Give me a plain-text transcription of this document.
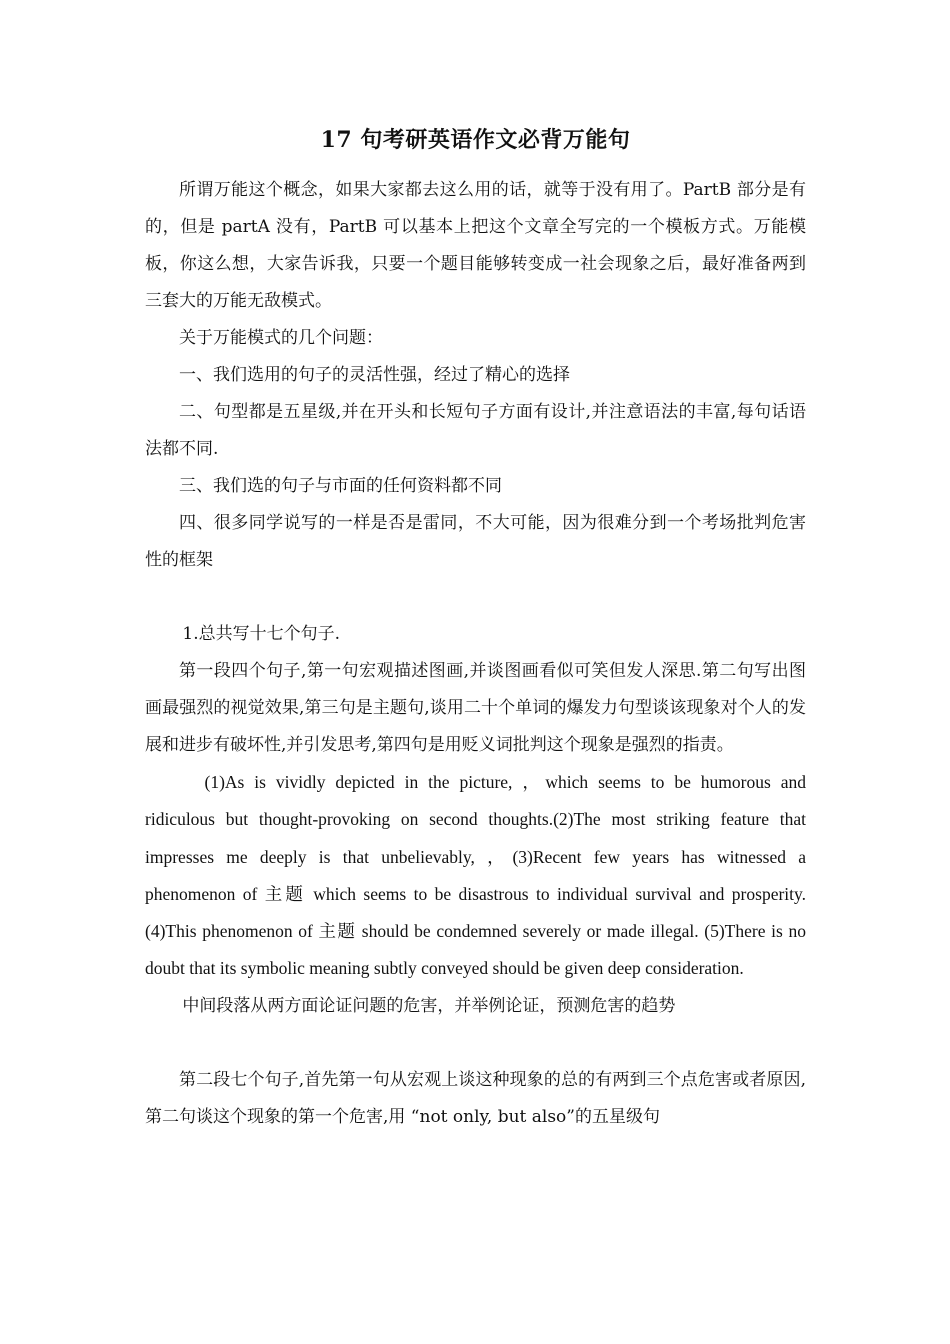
17 句考研英语作文必背万能句

所谓万能这个概念，如果大家都去这么用的话，就等于没有用了。PartB 部分是有的，但是 partA 没有，PartB 可以基本上把这个文章全写完的一个模板方式。万能模板，你这么想，大家告诉我，只要一个题目能够转变成一社会现象之后，最好准备两到三套大的万能无敌模式。

关于万能模式的几个问题：

一、我们选用的句子的灵活性强，经过了精心的选择

二、句型都是五星级,并在开头和长短句子方面有设计,并注意语法的丰富,每句话语法都不同.

三、我们选的句子与市面的任何资料都不同

四、很多同学说写的一样是否是雷同，不大可能，因为很难分到一个考场批判危害性的框架

1.总共写十七个句子.

第一段四个句子,第一句宏观描述图画,并谈图画看似可笑但发人深思.第二句写出图画最强烈的视觉效果,第三句是主题句,谈用二十个单词的爆发力句型谈该现象对个人的发展和进步有破坏性,并引发思考,第四句是用贬义词批判这个现象是强烈的指责。

(1)As is vividly depicted in the picture, ，which seems to be humorous and ridiculous but thought-provoking on second thoughts.(2)The most striking feature that impresses me deeply is that unbelievably, ，(3)Recent few years has witnessed a phenomenon of 主题 which seems to be disastrous to individual survival and prosperity. (4)This phenomenon of 主题 should be condemned severely or made illegal. (5)There is no doubt that its symbolic meaning subtly conveyed should be given deep consideration.

中间段落从两方面论证问题的危害，并举例论证，预测危害的趋势

第二段七个句子,首先第一句从宏观上谈这种现象的总的有两到三个点危害或者原因,第二句谈这个现象的第一个危害,用 “not only, but also”的五星级句
